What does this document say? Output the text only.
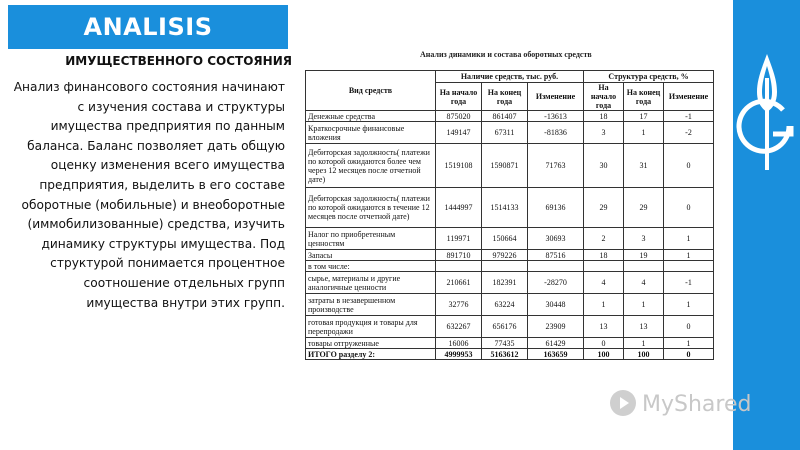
ANALISIS
ИМУЩЕСТВЕННОГО СОСТОЯНИЯ

Анализ финансового состояния начинают
с изучения состава и структуры
имущества предприятия по данным
баланса. Баланс позволяет дать общую
оценку изменения всего имущества
предприятия, выделить в его составе
оборотные (мобильные) и внеоборотные
(иммобилизованные) средства, изучить
динамику структуры имущества. Под
структурой понимается процентное
соотношение отдельных групп
имущества внутри этих групп.

Анализ динамики и состава оборотных средств
Вид средств	Наличие средств, тыс. руб.			Структура средств, %		
	На начало года	На конец года	Изменение	На начало года	На конец года	Изменение
Денежные средства	875020	861407	-13613	18	17	-1
Краткосрочные финансовые вложения	149147	67311	-81836	3	1	-2
Дебиторская задолжность( платежи по которой ожидаются более чем через 12 месяцев после отчетной дате)	1519108	1590871	71763	30	31	0
Дебиторская задолжность( платежи по которой ожидаются в течение 12 месяцев после отчетной дате)	1444997	1514133	69136	29	29	0
Налог по приобретенным ценностям	119971	150664	30693	2	3	1
Запасы	891710	979226	87516	18	19	1
в том числе:						
сырье, материалы и другие аналогичные ценности	210661	182391	-28270	4	4	-1
затраты в незавершенном производстве	32776	63224	30448	1	1	1
готовая продукция и товары для перепродажи	632267	656176	23909	13	13	0
товары отгруженные	16006	77435	61429	0	1	1
ИТОГО разделу 2:	4999953	5163612	163659	100	100	0
MyShared
